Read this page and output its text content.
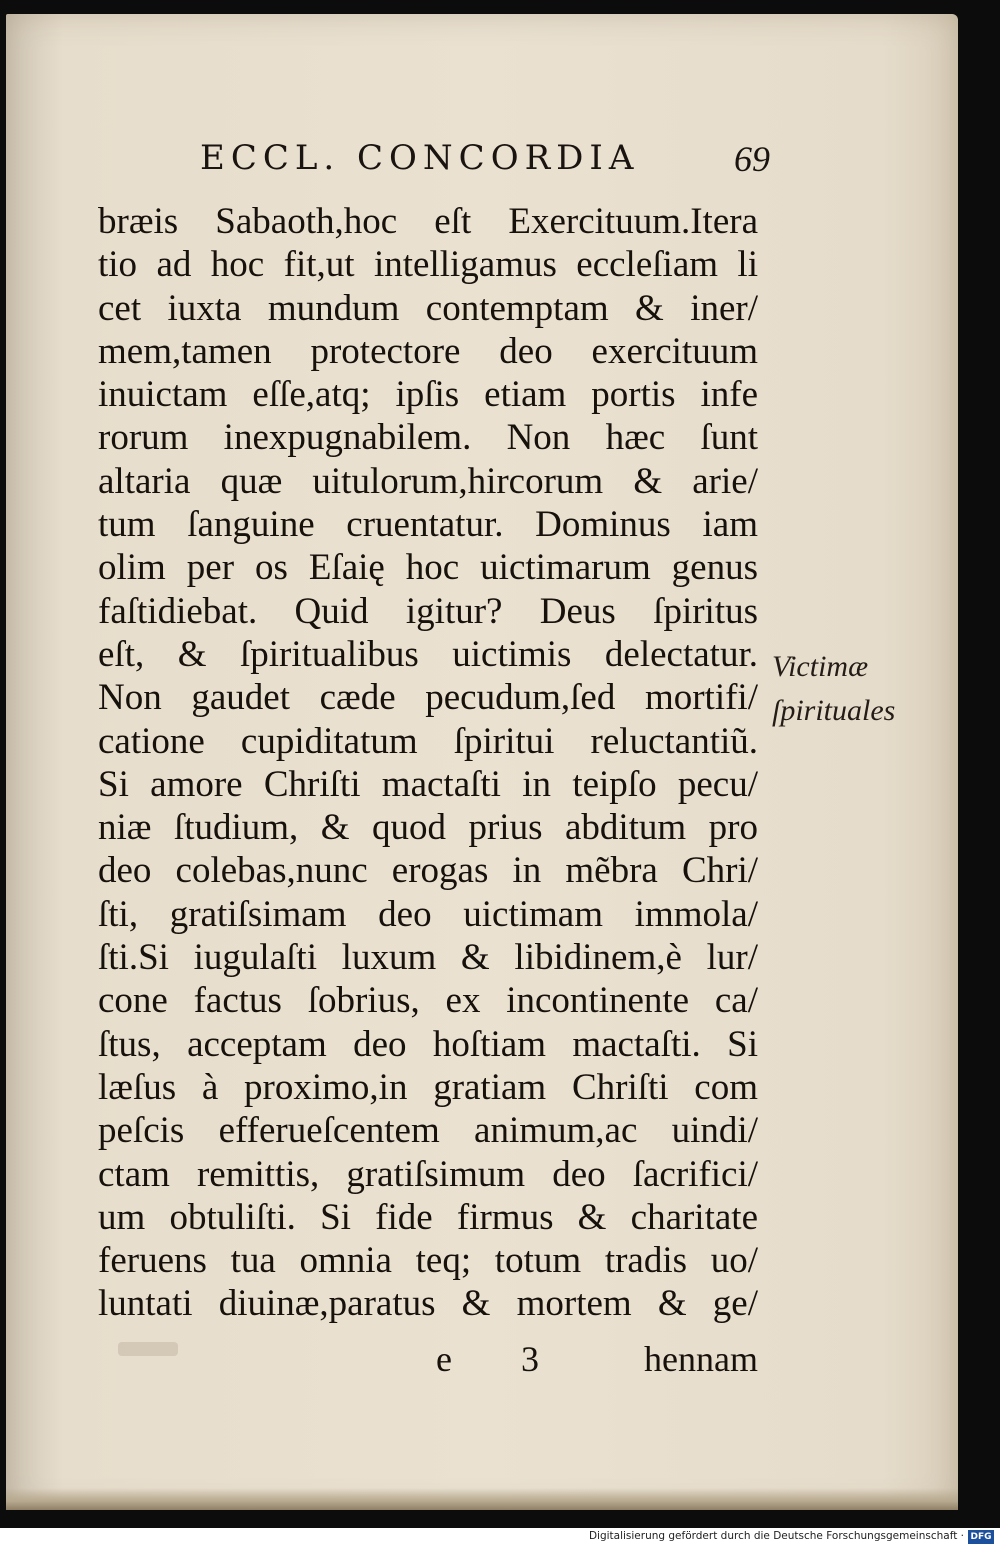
ECCL. CONCORDIA	69
bræis Sabaoth,hoc eſt Exercituum.Itera
tio ad hoc fit,ut intelligamus eccleſiam li
cet iuxta mundum contemptam & iner/
mem,tamen protectore deo exercituum
inuictam eſſe,atq; ipſis etiam portis infe
rorum inexpugnabilem. Non hæc ſunt
altaria quæ uitulorum,hircorum & arie/
tum ſanguine cruentatur. Dominus iam
olim per os Eſaię hoc uictimarum genus
faſtidiebat. Quid igitur? Deus ſpiritus
eſt, & ſpiritualibus uictimis delectatur.
Non gaudet cæde pecudum,ſed mortifi/
catione cupiditatum ſpiritui reluctantiũ.
Si amore Chriſti mactaſti in teipſo pecu/
niæ ſtudium, & quod prius abditum pro
deo colebas,nunc erogas in mẽbra Chri/
ſti, gratiſsimam deo uictimam immola/
ſti.Si iugulaſti luxum & libidinem,è lur/
cone factus ſobrius, ex incontinente ca/
ſtus, acceptam deo hoſtiam mactaſti. Si
læſus à proximo,in gratiam Chriſti com
peſcis efferueſcentem animum,ac uindi/
ctam remittis, gratiſsimum deo ſacrifici/
um obtuliſti. Si fide firmus & charitate
feruens tua omnia teq; totum tradis uo/
luntati diuinæ,paratus & mortem & ge/
Victimæ
ſpirituales
e 3 hennam
Digitalisierung gefördert durch die Deutsche Forschungsgemeinschaft · DFG
